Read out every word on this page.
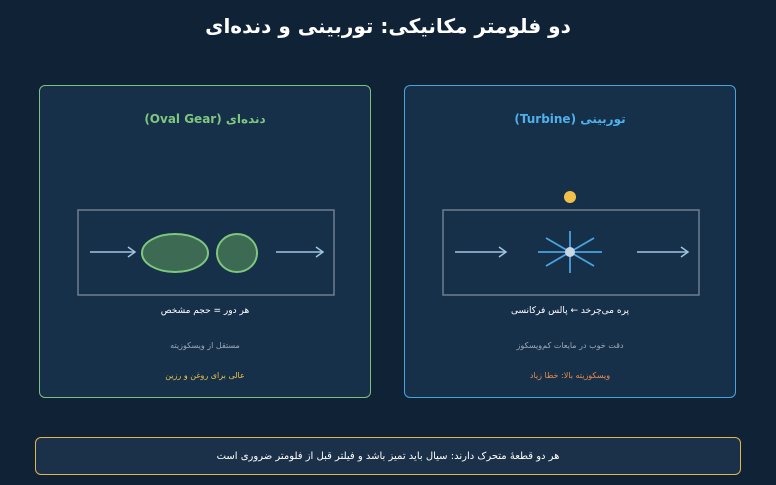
دو فلومتر مکانیکی: توربینی و دنده‌ای
دنده‌ای (Oval Gear)
هر دور = حجم مشخص
مستقل از ویسکوزیته
عالی برای روغن و رزین
توربینی (Turbine)
پره می‌چرخد ← پالس فرکانسی
دقت خوب در مایعات کم‌ویسکوز
ویسکوزیته بالا: خطا زیاد
هر دو قطعهٔ متحرک دارند: سیال باید تمیز باشد و فیلتر قبل از فلومتر ضروری است
